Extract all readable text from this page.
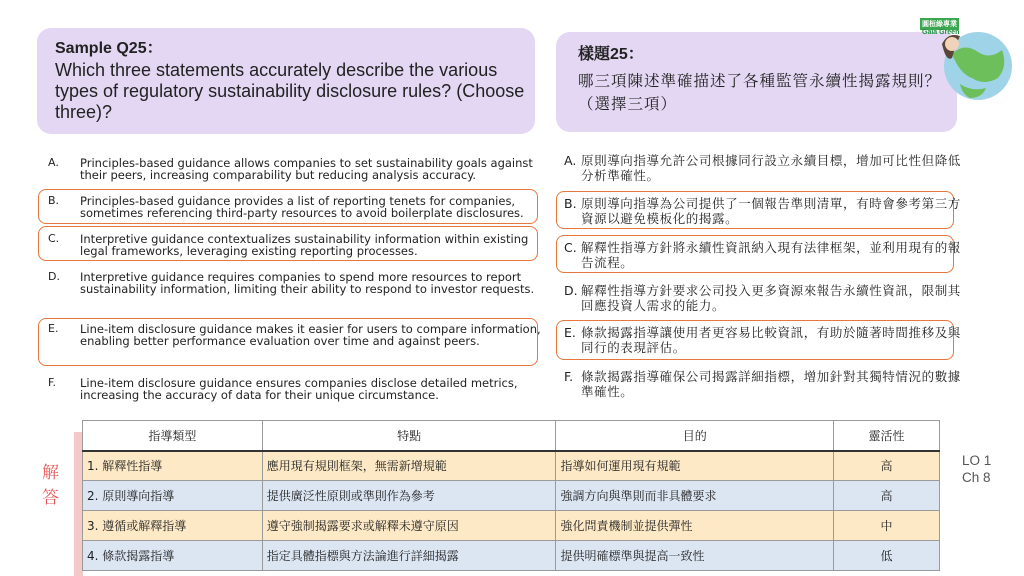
Sample Q25：
Which three statements accurately describe the various types of regulatory sustainability disclosure rules? (Choose three)?
樣題25：
哪三項陳述準確描述了各種監管永續性揭露規則？（選擇三項）
圓桓綠專業
Gaia Green
A.	Principles-based guidance allows companies to set sustainability goals against their peers, increasing comparability but reducing analysis accuracy.
B.	Principles-based guidance provides a list of reporting tenets for companies, sometimes referencing third-party resources to avoid boilerplate disclosures.
C.	Interpretive guidance contextualizes sustainability information within existing legal frameworks, leveraging existing reporting processes.
D.	Interpretive guidance requires companies to spend more resources to report sustainability information, limiting their ability to respond to investor requests.
E.	Line-item disclosure guidance makes it easier for users to compare information, enabling better performance evaluation over time and against peers.
F.	Line-item disclosure guidance ensures companies disclose detailed metrics, increasing the accuracy of data for their unique circumstance.
A. 原則導向指導允許公司根據同行設立永續目標，增加可比性但降低分析準確性。
B. 原則導向指導為公司提供了一個報告準則清單，有時會參考第三方資源以避免模板化的揭露。
C. 解釋性指導方針將永續性資訊納入現有法律框架，並利用現有的報告流程。
D. 解釋性指導方針要求公司投入更多資源來報告永續性資訊，限制其回應投資人需求的能力。
E. 條款揭露指導讓使用者更容易比較資訊，有助於隨著時間推移及與同行的表現評估。
F. 條款揭露指導確保公司揭露詳細指標，增加針對其獨特情況的數據準確性。
解答
指導類型	特點	目的	靈活性
1. 解釋性指導	應用現有規則框架，無需新增規範	指導如何運用現有規範	高
2. 原則導向指導	提供廣泛性原則或準則作為參考	強調方向與準則而非具體要求	高
3. 遵循或解釋指導	遵守強制揭露要求或解釋未遵守原因	強化問責機制並提供彈性	中
4. 條款揭露指導	指定具體指標與方法論進行詳細揭露	提供明確標準與提高一致性	低
LO 1
Ch 8
